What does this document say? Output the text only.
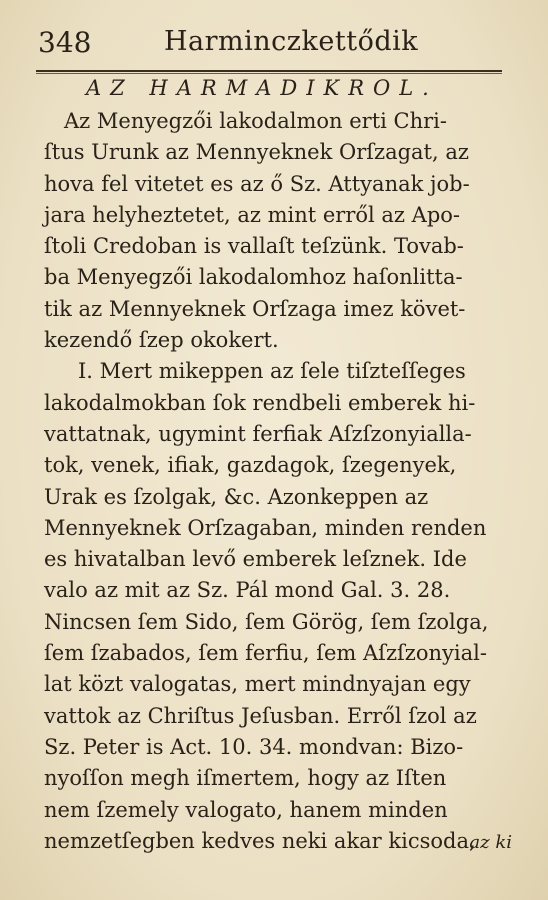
348	Harminczkettődik
AZ HARMADIKROL.
Az Menyegzői lakodalmon erti Chri-
ſtus Urunk az Mennyeknek Orſzagat, az
hova fel vitetet es az ő Sz. Attyanak job-
jara helyheztetet, az mint erről az Apo-
ſtoli Credoban is vallaſt teſzünk. Tovab-
ba Menyegzői lakodalomhoz haſonlitta-
tik az Mennyeknek Orſzaga imez követ-
kezendő ſzep okokert.
I. Mert mikeppen az ſele tiſzteſſeges
lakodalmokban ſok rendbeli emberek hi-
vattatnak, ugymint ferfiak Aſzſzonyialla-
tok, venek, ifiak, gazdagok, ſzegenyek,
Urak es ſzolgak, &c. Azonkeppen az
Mennyeknek Orſzagaban, minden renden
es hivatalban levő emberek leſznek. Ide
valo az mit az Sz. Pál mond Gal. 3. 28.
Nincsen ſem Sido, ſem Görög, ſem ſzolga,
ſem ſzabados, ſem ferfiu, ſem Aſzſzonyial-
lat közt valogatas, mert mindnyajan egy
vattok az Chriſtus Jeſusban. Erről ſzol az
Sz. Peter is Act. 10. 34. mondvan: Bizo-
nyoſſon megh iſmertem, hogy az Iſten
nem ſzemely valogato, hanem minden
nemzetſegben kedves neki akar kicsoda,
az ki
